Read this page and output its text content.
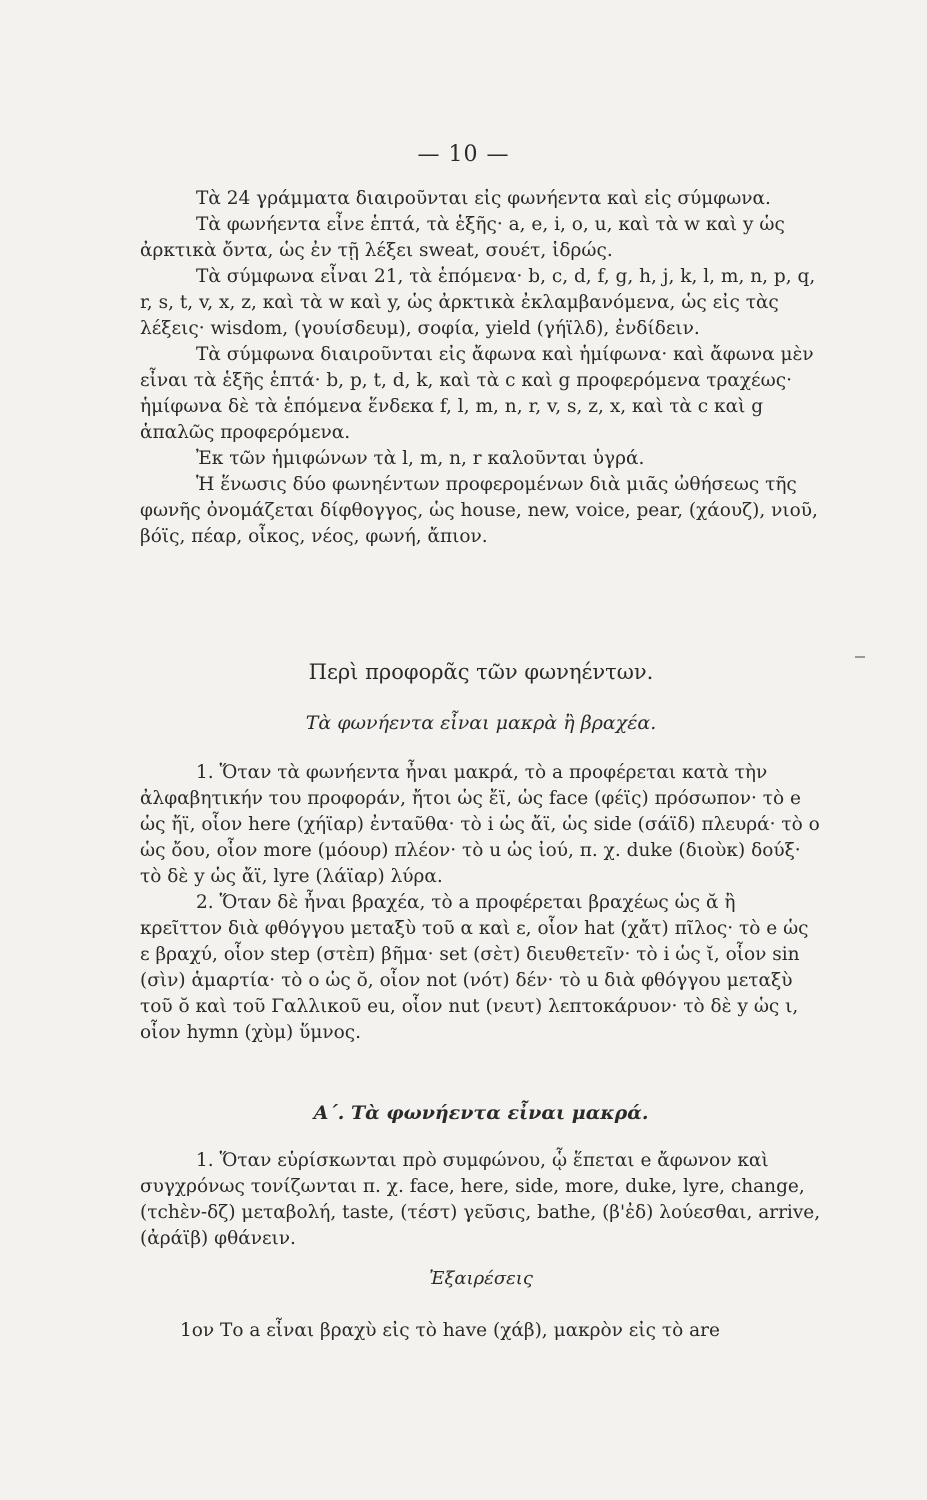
— 10 —

Τὰ 24 γράμματα διαιροῦνται εἰς φωνήεντα καὶ εἰς σύμφωνα.

Τὰ φωνήεντα εἶνε ἑπτά, τὰ ἑξῆς· a, e, i, o, u, καὶ τὰ w καὶ y ὡς ἀρκτικὰ ὄντα, ὡς ἐν τῇ λέξει sweat, σουέτ, ἱδρώς.

Τὰ σύμφωνα εἶναι 21, τὰ ἑπόμενα· b, c, d, f, g, h, j, k, l, m, n, p, q, r, s, t, v, x, z, καὶ τὰ w καὶ y, ὡς ἀρκτικὰ ἐκλαμβανόμενα, ὡς εἰς τὰς λέξεις· wisdom, (γουίσδευμ), σοφία, yield (γήϊλδ), ἐνδίδειν.

Τὰ σύμφωνα διαιροῦνται εἰς ἄφωνα καὶ ἡμίφωνα· καὶ ἄφωνα μὲν εἶναι τὰ ἑξῆς ἑπτά· b, p, t, d, k, καὶ τὰ c καὶ g προφερόμενα τραχέως· ἡμίφωνα δὲ τὰ ἑπόμενα ἕνδεκα f, l, m, n, r, v, s, z, x, καὶ τὰ c καὶ g ἁπαλῶς προφερόμενα.

Ἐκ τῶν ἡμιφώνων τὰ l, m, n, r καλοῦνται ὑγρά.

Ἡ ἕνωσις δύο φωνηέντων προφερομένων διὰ μιᾶς ὠθήσεως τῆς φωνῆς ὀνομάζεται δίφθογγος, ὡς house, new, voice, pear, (χάουζ), νιοῦ, βόϊς, πέαρ, οἶκος, νέος, φωνή, ἄπιον.

Περὶ προφορᾶς τῶν φωνηέντων.
Τὰ φωνήεντα εἶναι μακρὰ ἢ βραχέα.

1. Ὅταν τὰ φωνήεντα ἦναι μακρά, τὸ a προφέρεται κατὰ τὴν ἀλφαβητικήν του προφοράν, ἤτοι ὡς ἔϊ, ὡς face (φέϊς) πρόσωπον· τὸ e ὡς ἤϊ, οἷον here (χήϊαρ) ἐνταῦθα· τὸ i ὡς ἄϊ, ὡς side (σάϊδ) πλευρά· τὸ o ὡς ὄου, οἷον more (μόουρ) πλέον· τὸ u ὡς ἰού, π. χ. duke (διοὺκ) δούξ· τὸ δὲ y ὡς ἄϊ, lyre (λάϊαρ) λύρα.

2. Ὅταν δὲ ἦναι βραχέα, τὸ a προφέρεται βραχέως ὡς ᾰ ἢ κρεῖττον διὰ φθόγγου μεταξὺ τοῦ α καὶ ε, οἷον hat (χἄτ) πῖλος· τὸ e ὡς ε βραχύ, οἷον step (στὲπ) βῆμα· set (σὲτ) διευθετεῖν· τὸ i ὡς ῐ, οἷον sin (σὶν) ἁμαρτία· τὸ o ὡς ŏ, οἷον not (νότ) δέν· τὸ u διὰ φθόγγου μεταξὺ τοῦ ŏ καὶ τοῦ Γαλλικοῦ eu, οἷον nut (νευτ) λεπτοκάρυον· τὸ δὲ y ὡς ι, οἷον hymn (χὺμ) ὕμνος.

Α΄. Τὰ φωνήεντα εἶναι μακρά.

1. Ὅταν εὑρίσκωνται πρὸ συμφώνου, ᾧ ἕπεται e ἄφωνον καὶ συγχρόνως τονίζωνται π. χ. face, here, side, more, duke, lyre, change, (τchὲν-δζ) μεταβολή, taste, (τέστ) γεῦσις, bathe, (β'ἐδ) λούεσθαι, arrive, (ἀράϊβ) φθάνειν.

Ἐξαιρέσεις
1ον Το a εἶναι βραχὺ εἰς τὸ have (χάβ), μακρὸν εἰς τὸ are
